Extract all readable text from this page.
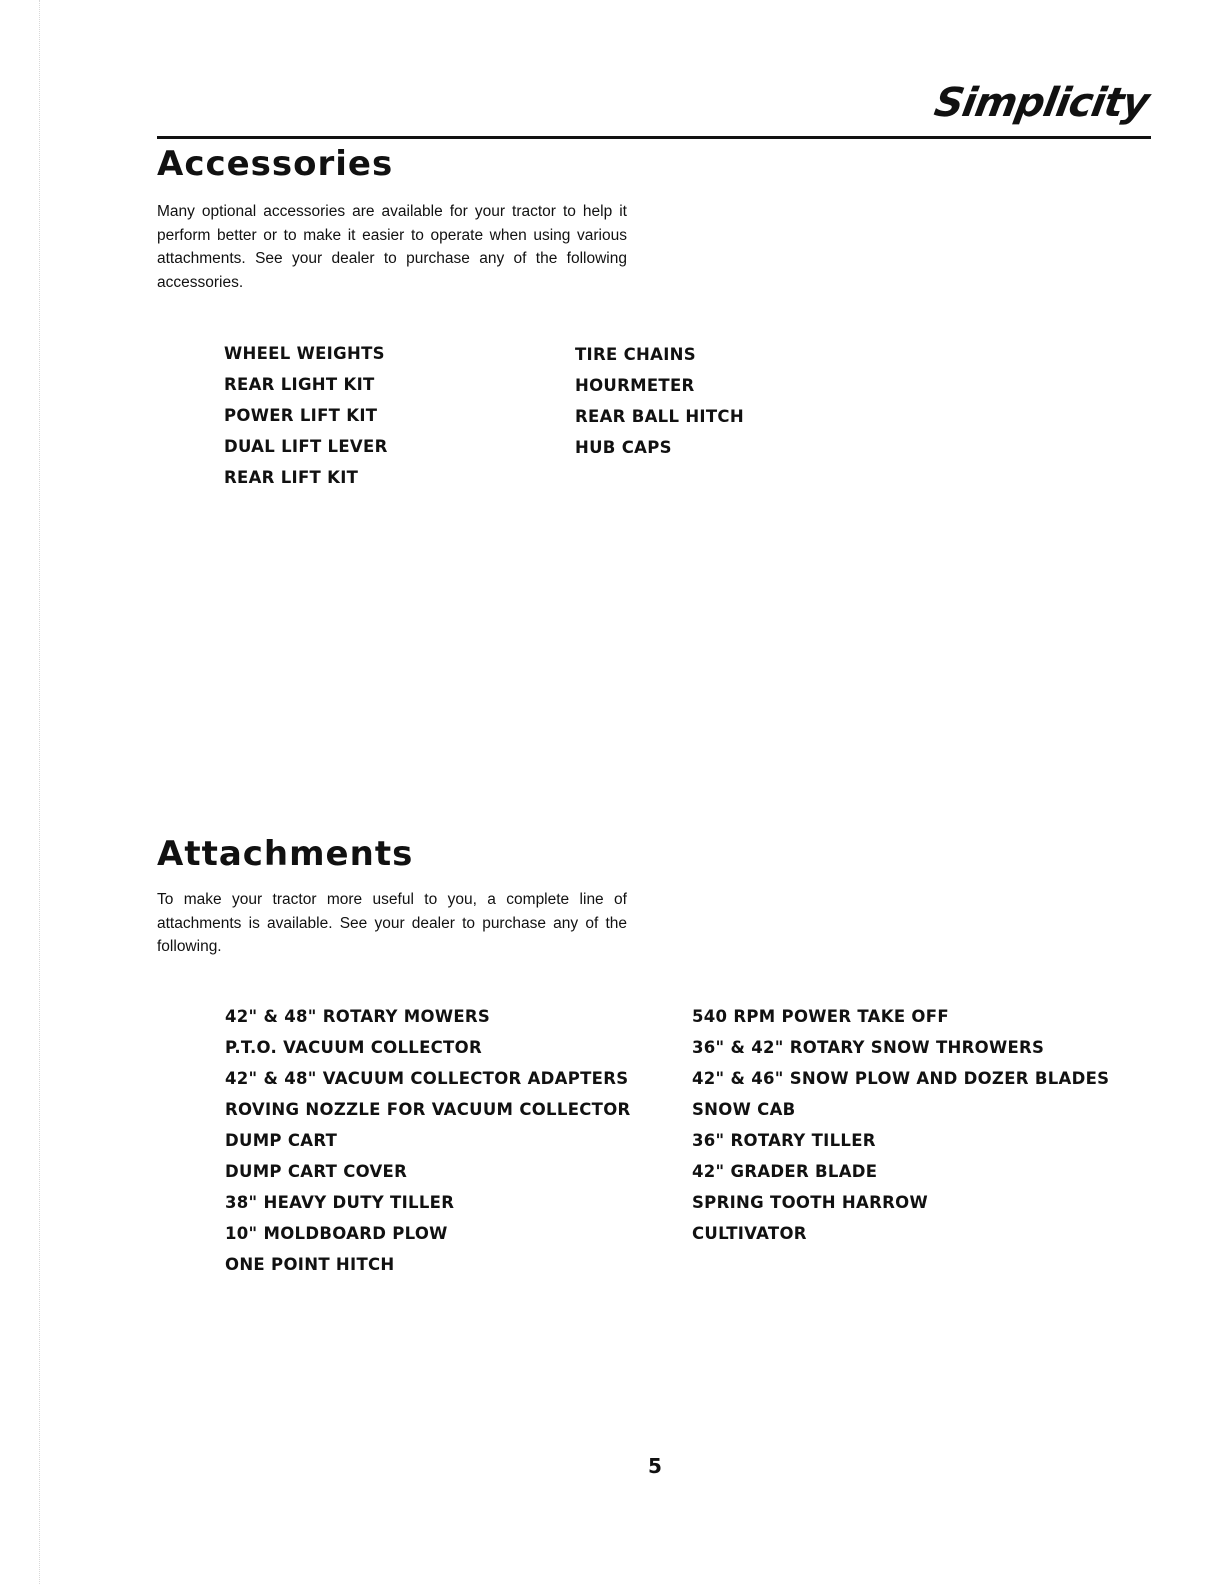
Simplicity
Accessories

Many optional accessories are available for your tractor to help it perform better or to make it easier to operate when using various attachments. See your dealer to purchase any of the following accessories.

WHEEL WEIGHTS
REAR LIGHT KIT
POWER LIFT KIT
DUAL LIFT LEVER
REAR LIFT KIT
TIRE CHAINS
HOURMETER
REAR BALL HITCH
HUB CAPS
Attachments

To make your tractor more useful to you, a complete line of attachments is available. See your dealer to purchase any of the following.

42" & 48" ROTARY MOWERS
P.T.O. VACUUM COLLECTOR
42" & 48" VACUUM COLLECTOR ADAPTERS
ROVING NOZZLE FOR VACUUM COLLECTOR
DUMP CART
DUMP CART COVER
38" HEAVY DUTY TILLER
10" MOLDBOARD PLOW
ONE POINT HITCH
540 RPM POWER TAKE OFF
36" & 42" ROTARY SNOW THROWERS
42" & 46" SNOW PLOW AND DOZER BLADES
SNOW CAB
36" ROTARY TILLER
42" GRADER BLADE
SPRING TOOTH HARROW
CULTIVATOR
5
